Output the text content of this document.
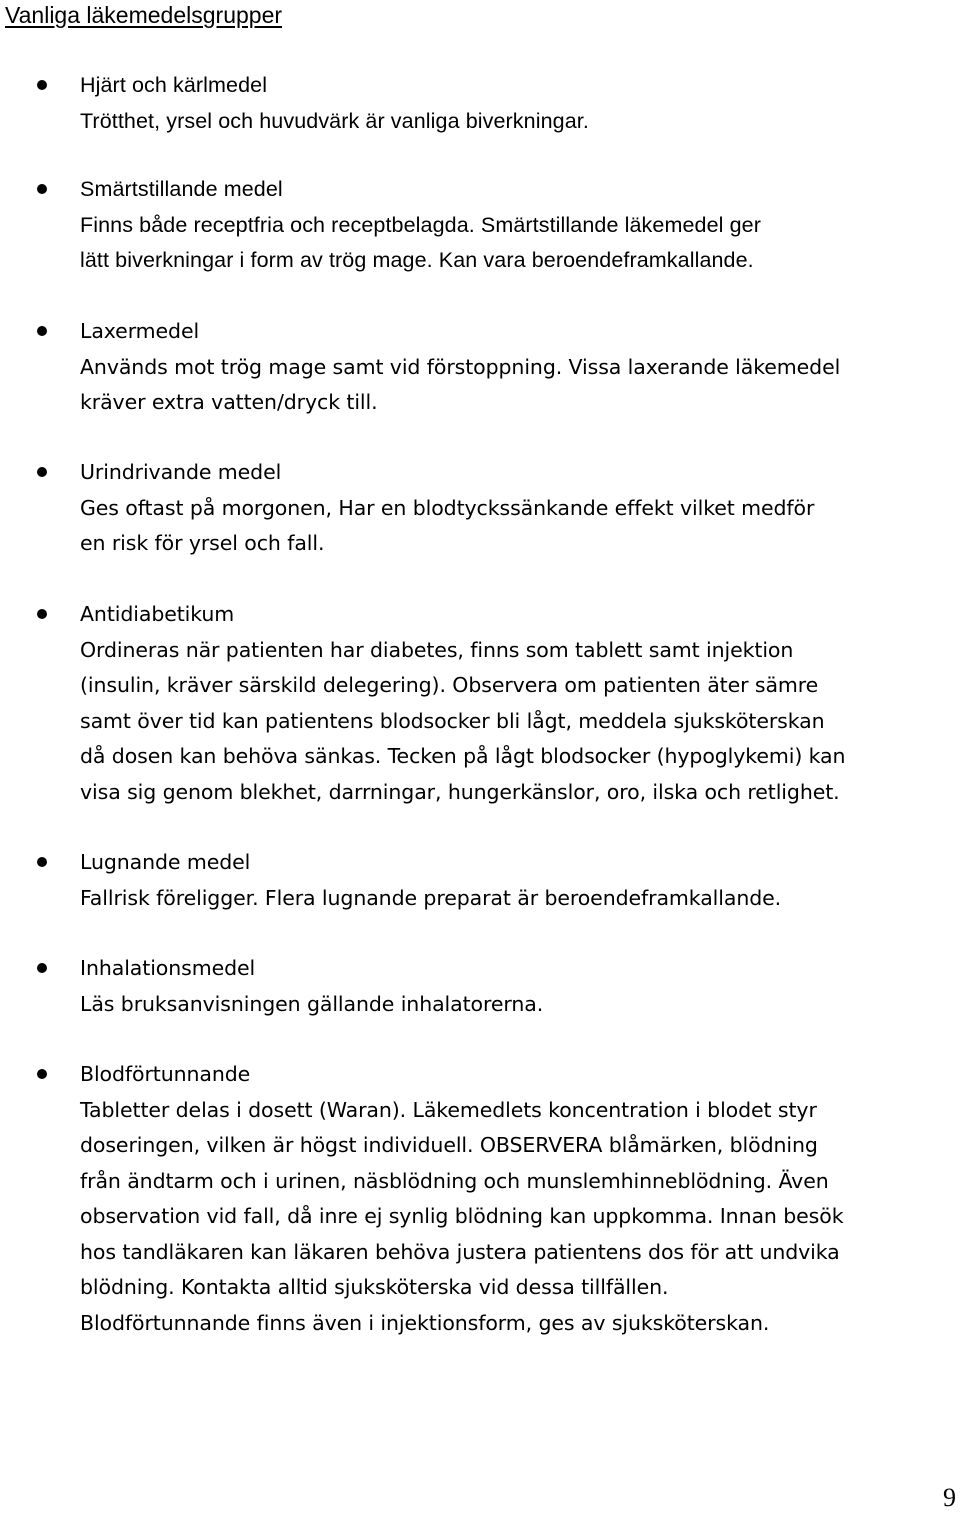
Vanliga läkemedelsgrupper
Hjärt och kärlmedel
Trötthet, yrsel och huvudvärk är vanliga biverkningar.
Smärtstillande medel
Finns både receptfria och receptbelagda. Smärtstillande läkemedel ger
lätt biverkningar i form av trög mage. Kan vara beroendeframkallande.
Laxermedel
Används mot trög mage samt vid förstoppning. Vissa laxerande läkemedel
kräver extra vatten/dryck till.
Urindrivande medel
Ges oftast på morgonen, Har en blodtyckssänkande effekt vilket medför
en risk för yrsel och fall.
Antidiabetikum
Ordineras när patienten har diabetes, finns som tablett samt injektion
(insulin, kräver särskild delegering). Observera om patienten äter sämre
samt över tid kan patientens blodsocker bli lågt, meddela sjuksköterskan
då dosen kan behöva sänkas. Tecken på lågt blodsocker (hypoglykemi) kan
visa sig genom blekhet, darrningar, hungerkänslor, oro, ilska och retlighet.
Lugnande medel
Fallrisk föreligger. Flera lugnande preparat är beroendeframkallande.
Inhalationsmedel
Läs bruksanvisningen gällande inhalatorerna.
Blodförtunnande
Tabletter delas i dosett (Waran). Läkemedlets koncentration i blodet styr
doseringen, vilken är högst individuell. OBSERVERA blåmärken, blödning
från ändtarm och i urinen, näsblödning och munslemhinneblödning. Även
observation vid fall, då inre ej synlig blödning kan uppkomma. Innan besök
hos tandläkaren kan läkaren behöva justera patientens dos för att undvika
blödning. Kontakta alltid sjuksköterska vid dessa tillfällen.
Blodförtunnande finns även i injektionsform, ges av sjuksköterskan.
9
